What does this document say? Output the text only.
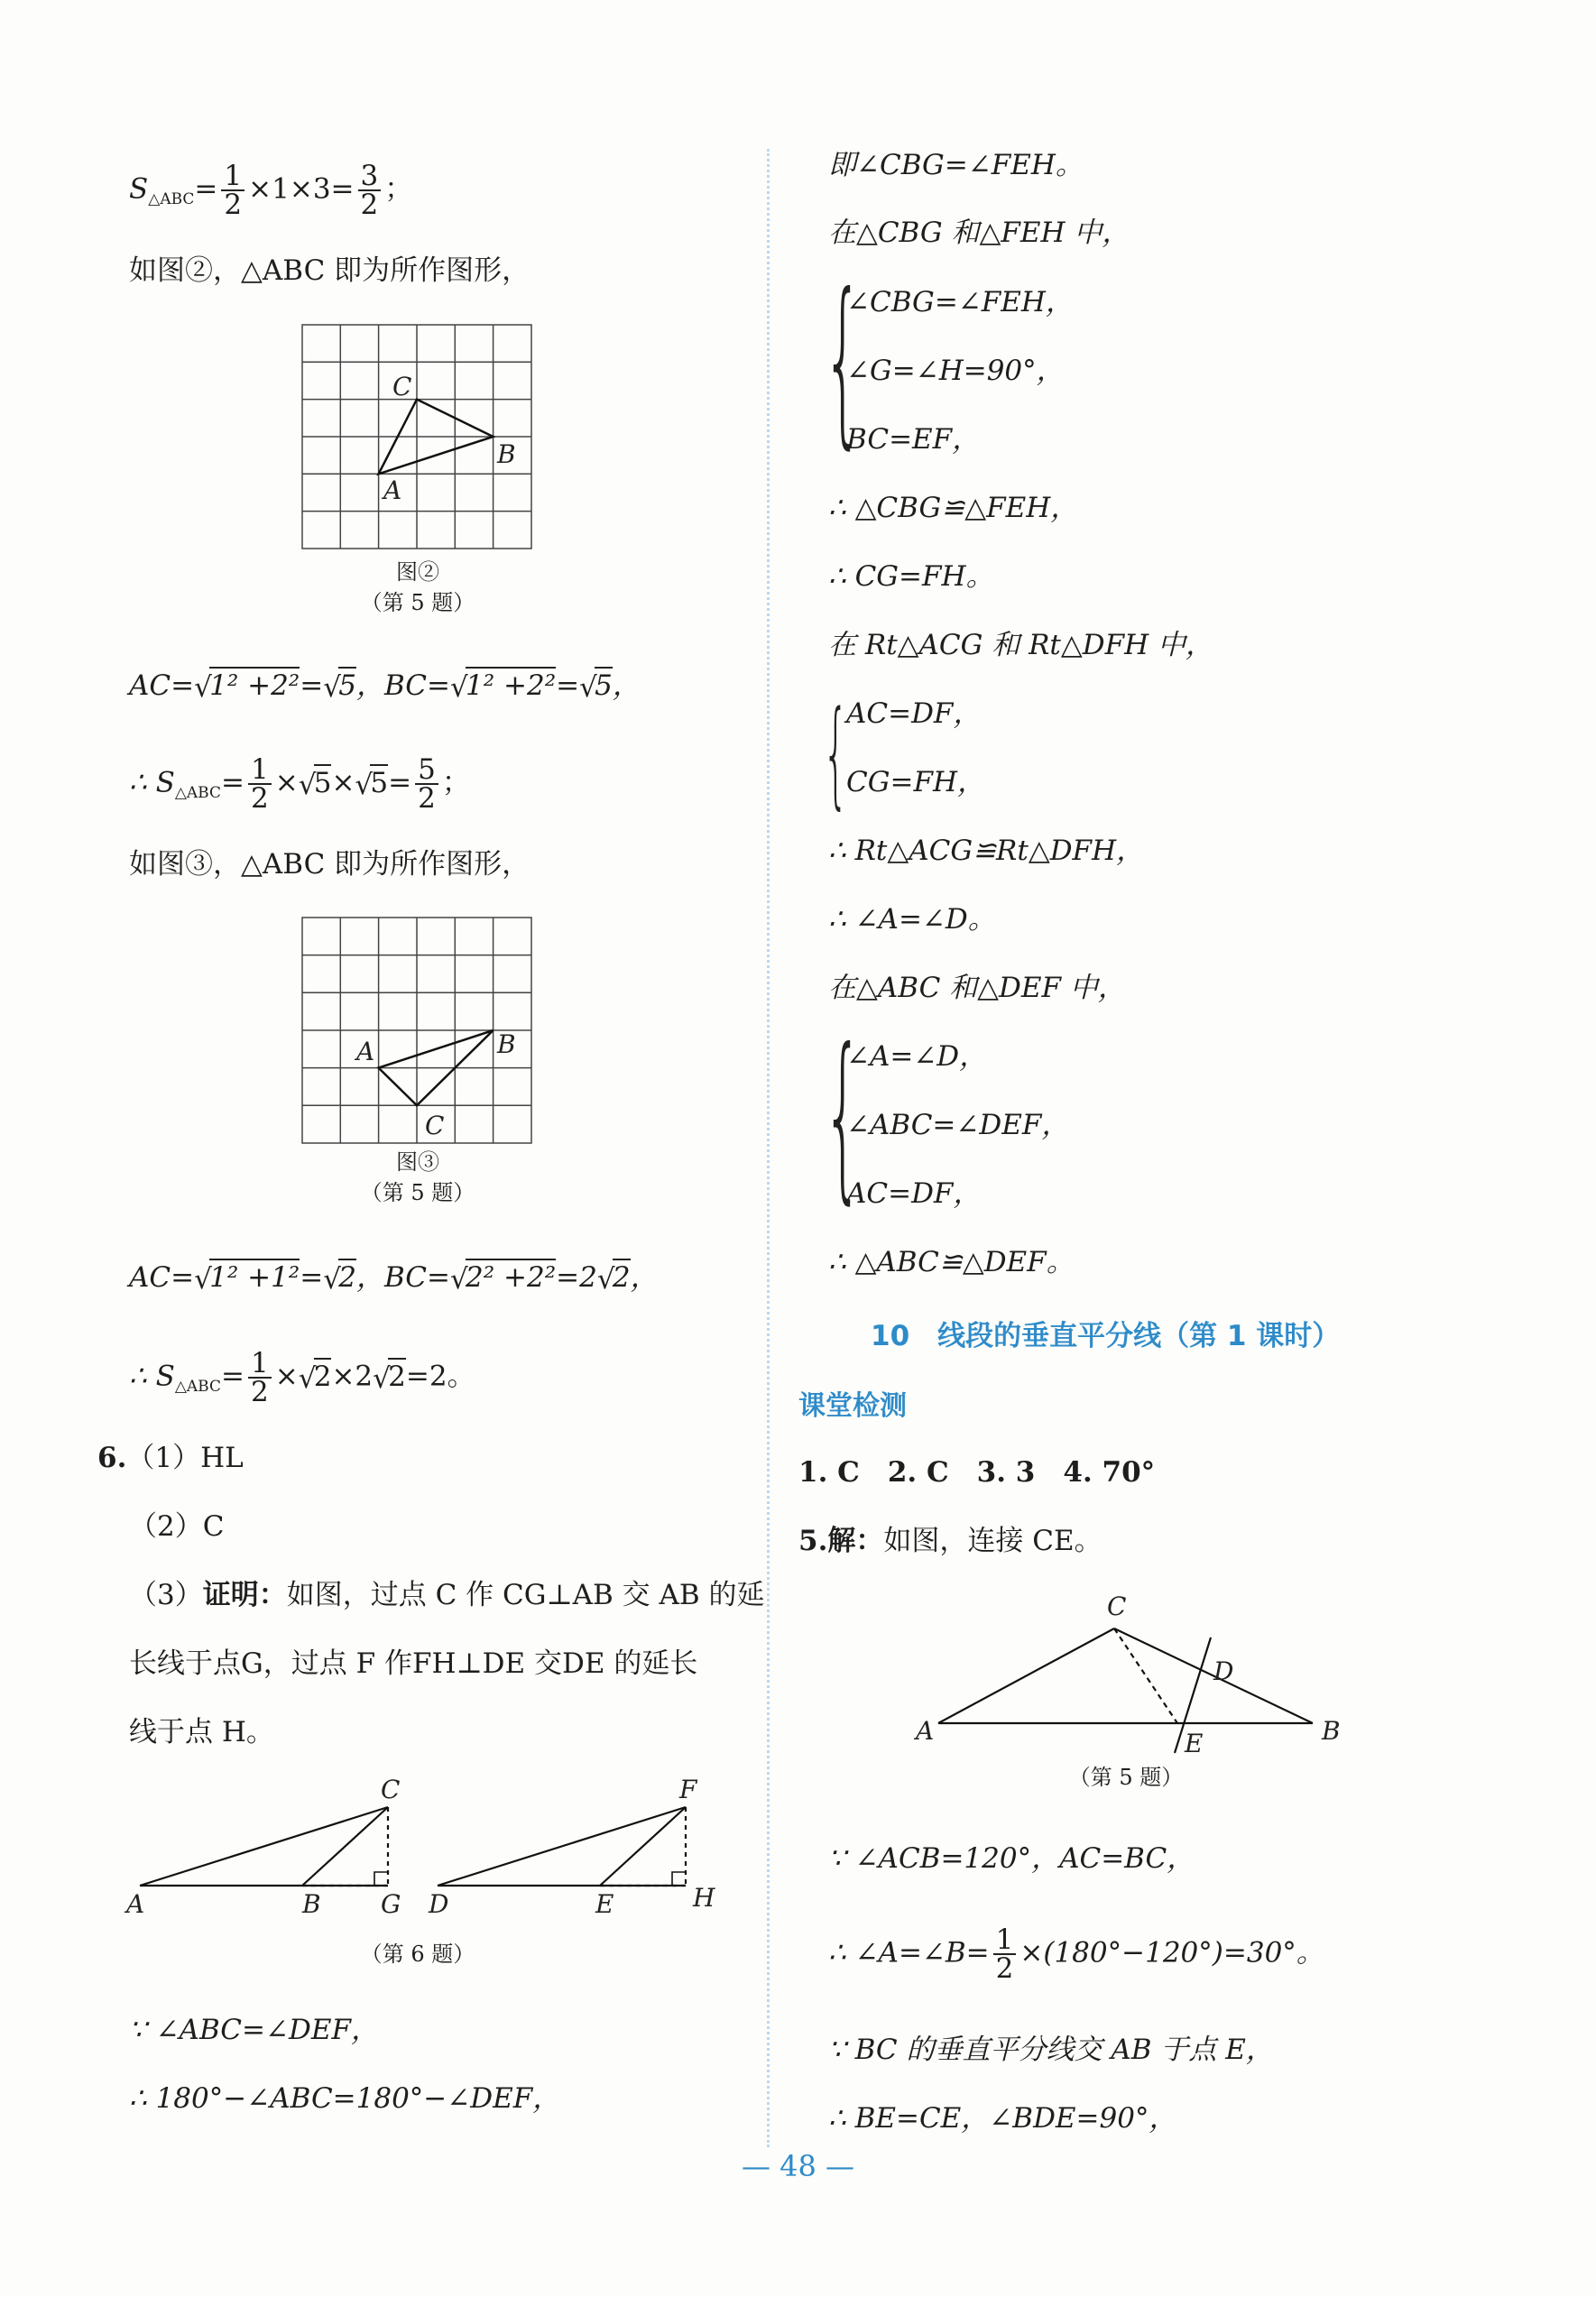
S△ABC= $\frac{1}{2} \times 1\times 3= \frac{3}{2}$ ；
如图②，△ABC 即为所作图形，
C
B
A
图②
（第 5 题）
AC= √
1² +2²= √
5，BC= √
1² +2²= √
5，
∴ S△ABC= $\frac{1}{2}$ × √
5× √
$5= \frac{5}{2}$ ；
如图③，△ABC 即为所作图形，
A	B
C
图③
（第 5 题）
AC= √
1² +1²= √
2，BC= √
2² +2²=2 √
2，
∴ S△ABC= $\frac{1}{2}$ × √
2×2 √
2=2。
6.（1）HL
（2）C
（3）证明：如图，过点 C 作 CG⊥AB 交 AB 的延
长线于点G，过点 F 作FH⊥DE 交DE 的延长
线于点 H。
A	B G
C
D	E	H
F
（第 6 题）
∵ ∠ABC=∠DEF，
∴ 180°−∠ABC=180°−∠DEF，
即∠CBG=∠FEH。
在△CBG 和△FEH 中，
{
∠CBG=∠FEH，
∠G=∠H=90°，
BC=EF，
∴ △CBG≌△FEH，
∴ CG=FH。
在 Rt△ACG 和 Rt△DFH 中，
{
AC=DF，
CG=FH，
∴ Rt△ACG≌Rt△DFH，
∴ ∠A=∠D。
在△ABC 和△DEF 中，
{
∠A=∠D，
∠ABC=∠DEF，
AC=DF，
∴ △ABC≌△DEF。
10　线段的垂直平分线（第 1 课时）
课堂检测
1. C　2. C　3. 3　4. 70°
5.解：如图，连接 CE。
C
D
A	E	B
（第 5 题）
∵ ∠ACB=120°，AC=BC，
∴ ∠A=∠B= $\frac{1}{2} \times(180^\circ-120^\circ)=30^\circ$。
∵ BC 的垂直平分线交 AB 于点 E，
∴ BE=CE，∠BDE=90°，
— 48 —
